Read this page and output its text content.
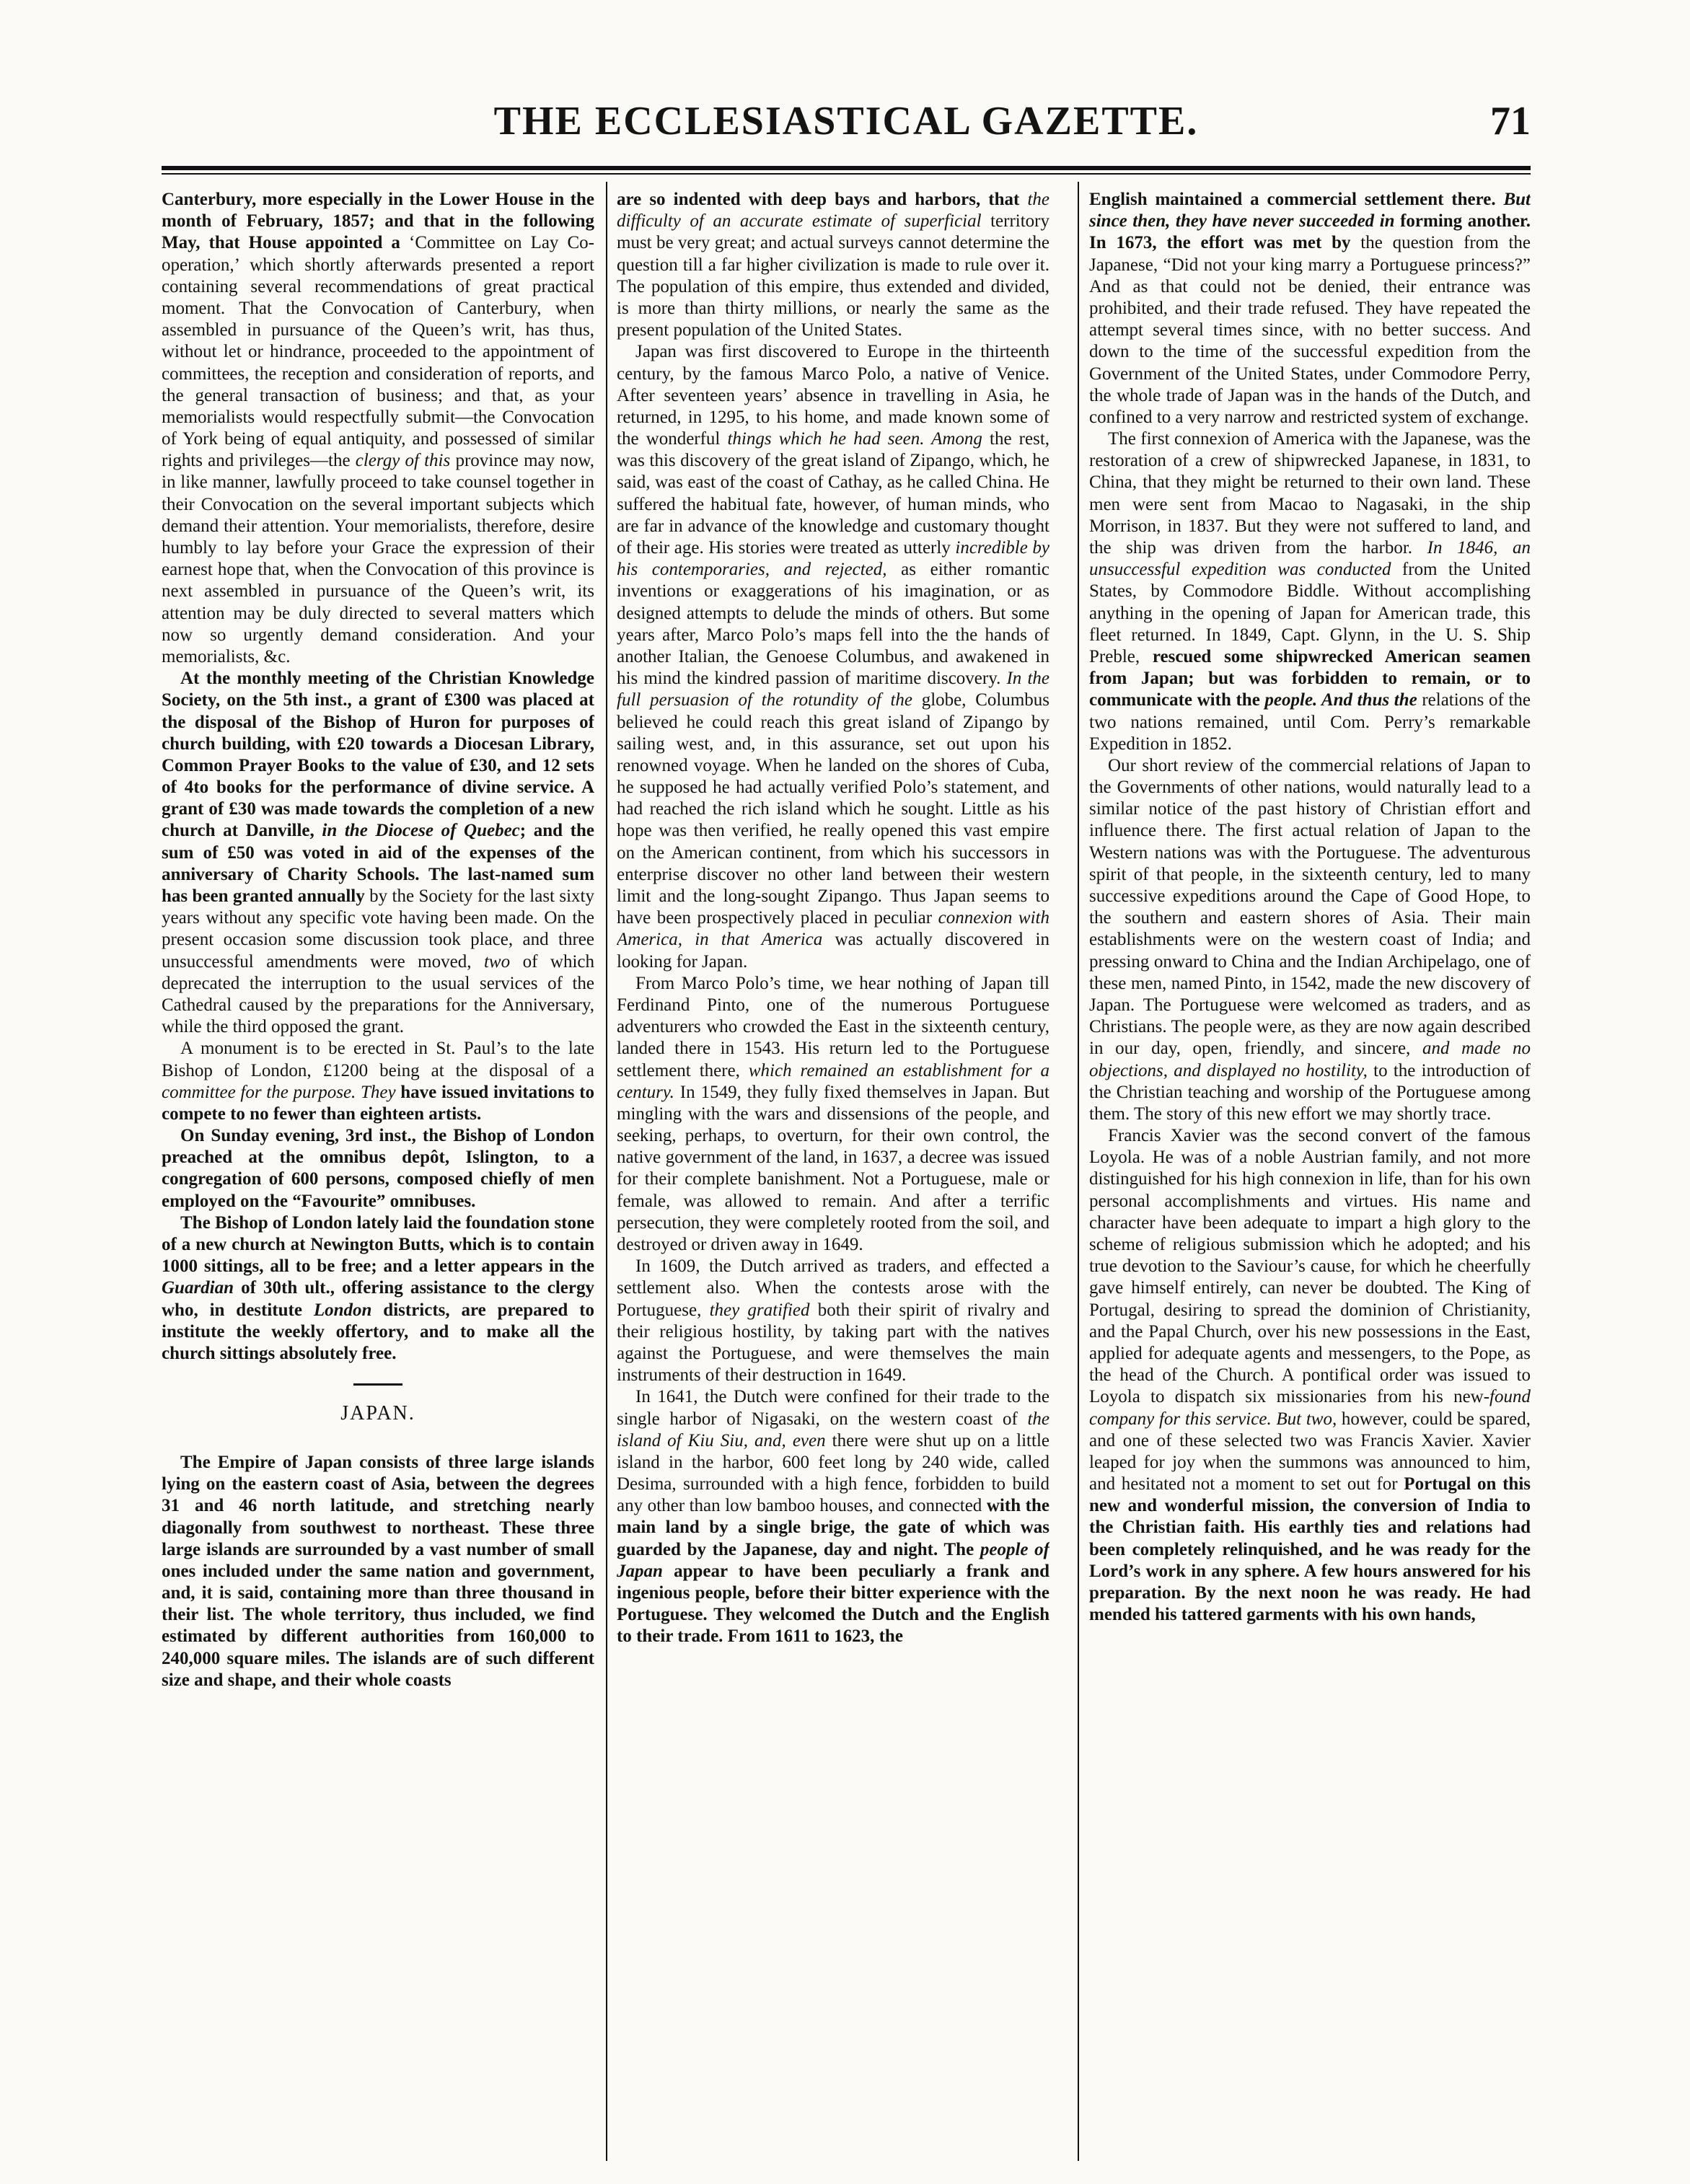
THE ECCLESIASTICAL GAZETTE.	71

Canterbury, more especially in the Lower House in the month of February, 1857; and that in the following May, that House appointed a ‘Committee on Lay Co-operation,’ which shortly afterwards presented a report containing several recommendations of great practical moment. That the Convocation of Canterbury, when assembled in pursuance of the Queen’s writ, has thus, without let or hindrance, proceeded to the appointment of committees, the reception and consideration of reports, and the general transaction of business; and that, as your memorialists would respectfully submit—the Convocation of York being of equal antiquity, and possessed of similar rights and privileges—the clergy of this province may now, in like manner, lawfully proceed to take counsel together in their Convocation on the several important subjects which demand their attention. Your memorialists, therefore, desire humbly to lay before your Grace the expression of their earnest hope that, when the Convocation of this province is next assembled in pursuance of the Queen’s writ, its attention may be duly directed to several matters which now so urgently demand consideration. And your memorialists, &c.

At the monthly meeting of the Christian Knowledge Society, on the 5th inst., a grant of £300 was placed at the disposal of the Bishop of Huron for purposes of church building, with £20 towards a Diocesan Library, Common Prayer Books to the value of £30, and 12 sets of 4to books for the performance of divine service. A grant of £30 was made towards the completion of a new church at Danville, in the Diocese of Quebec; and the sum of £50 was voted in aid of the expenses of the anniversary of Charity Schools. The last-named sum has been granted annually by the Society for the last sixty years without any specific vote having been made. On the present occasion some discussion took place, and three unsuccessful amendments were moved, two of which deprecated the interruption to the usual services of the Cathedral caused by the preparations for the Anniversary, while the third opposed the grant.

A monument is to be erected in St. Paul’s to the late Bishop of London, £1200 being at the disposal of a committee for the purpose. They have issued invitations to compete to no fewer than eighteen artists.

On Sunday evening, 3rd inst., the Bishop of London preached at the omnibus depôt, Islington, to a congregation of 600 persons, composed chiefly of men employed on the “Favourite” omnibuses.

The Bishop of London lately laid the foundation stone of a new church at Newington Butts, which is to contain 1000 sittings, all to be free; and a letter appears in the Guardian of 30th ult., offering assistance to the clergy who, in destitute London districts, are prepared to institute the weekly offertory, and to make all the church sittings absolutely free.

JAPAN.

The Empire of Japan consists of three large islands lying on the eastern coast of Asia, between the degrees 31 and 46 north latitude, and stretching nearly diagonally from southwest to northeast. These three large islands are surrounded by a vast number of small ones included under the same nation and government, and, it is said, containing more than three thousand in their list. The whole territory, thus included, we find estimated by different authorities from 160,000 to 240,000 square miles. The islands are of such different size and shape, and their whole coasts

are so indented with deep bays and harbors, that the difficulty of an accurate estimate of superficial territory must be very great; and actual surveys cannot determine the question till a far higher civilization is made to rule over it. The population of this empire, thus extended and divided, is more than thirty millions, or nearly the same as the present population of the United States.

Japan was first discovered to Europe in the thirteenth century, by the famous Marco Polo, a native of Venice. After seventeen years’ absence in travelling in Asia, he returned, in 1295, to his home, and made known some of the wonderful things which he had seen. Among the rest, was this discovery of the great island of Zipango, which, he said, was east of the coast of Cathay, as he called China. He suffered the habitual fate, however, of human minds, who are far in advance of the knowledge and customary thought of their age. His stories were treated as utterly incredible by his contemporaries, and rejected, as either romantic inventions or exaggerations of his imagination, or as designed attempts to delude the minds of others. But some years after, Marco Polo’s maps fell into the the hands of another Italian, the Genoese Columbus, and awakened in his mind the kindred passion of maritime discovery. In the full persuasion of the rotundity of the globe, Columbus believed he could reach this great island of Zipango by sailing west, and, in this assurance, set out upon his renowned voyage. When he landed on the shores of Cuba, he supposed he had actually verified Polo’s statement, and had reached the rich island which he sought. Little as his hope was then verified, he really opened this vast empire on the American continent, from which his successors in enterprise discover no other land between their western limit and the long-sought Zipango. Thus Japan seems to have been prospectively placed in peculiar connexion with America, in that America was actually discovered in looking for Japan.

From Marco Polo’s time, we hear nothing of Japan till Ferdinand Pinto, one of the numerous Portuguese adventurers who crowded the East in the sixteenth century, landed there in 1543. His return led to the Portuguese settlement there, which remained an establishment for a century. In 1549, they fully fixed themselves in Japan. But mingling with the wars and dissensions of the people, and seeking, perhaps, to overturn, for their own control, the native government of the land, in 1637, a decree was issued for their complete banishment. Not a Portuguese, male or female, was allowed to remain. And after a terrific persecution, they were completely rooted from the soil, and destroyed or driven away in 1649.

In 1609, the Dutch arrived as traders, and effected a settlement also. When the contests arose with the Portuguese, they gratified both their spirit of rivalry and their religious hostility, by taking part with the natives against the Portuguese, and were themselves the main instruments of their destruction in 1649.

In 1641, the Dutch were confined for their trade to the single harbor of Nigasaki, on the western coast of the island of Kiu Siu, and, even there were shut up on a little island in the harbor, 600 feet long by 240 wide, called Desima, surrounded with a high fence, forbidden to build any other than low bamboo houses, and connected with the main land by a single brige, the gate of which was guarded by the Japanese, day and night. The people of Japan appear to have been peculiarly a frank and ingenious people, before their bitter experience with the Portuguese. They welcomed the Dutch and the English to their trade. From 1611 to 1623, the

English maintained a commercial settlement there. But since then, they have never succeeded in forming another. In 1673, the effort was met by the question from the Japanese, “Did not your king marry a Portuguese princess?” And as that could not be denied, their entrance was prohibited, and their trade refused. They have repeated the attempt several times since, with no better success. And down to the time of the successful expedition from the Government of the United States, under Commodore Perry, the whole trade of Japan was in the hands of the Dutch, and confined to a very narrow and restricted system of exchange.

The first connexion of America with the Japanese, was the restoration of a crew of shipwrecked Japanese, in 1831, to China, that they might be returned to their own land. These men were sent from Macao to Nagasaki, in the ship Morrison, in 1837. But they were not suffered to land, and the ship was driven from the harbor. In 1846, an unsuccessful expedition was conducted from the United States, by Commodore Biddle. Without accomplishing anything in the opening of Japan for American trade, this fleet returned. In 1849, Capt. Glynn, in the U. S. Ship Preble, rescued some shipwrecked American seamen from Japan; but was forbidden to remain, or to communicate with the people. And thus the relations of the two nations remained, until Com. Perry’s remarkable Expedition in 1852.

Our short review of the commercial relations of Japan to the Governments of other nations, would naturally lead to a similar notice of the past history of Christian effort and influence there. The first actual relation of Japan to the Western nations was with the Portuguese. The adventurous spirit of that people, in the sixteenth century, led to many successive expeditions around the Cape of Good Hope, to the southern and eastern shores of Asia. Their main establishments were on the western coast of India; and pressing onward to China and the Indian Archipelago, one of these men, named Pinto, in 1542, made the new discovery of Japan. The Portuguese were welcomed as traders, and as Christians. The people were, as they are now again described in our day, open, friendly, and sincere, and made no objections, and displayed no hostility, to the introduction of the Christian teaching and worship of the Portuguese among them. The story of this new effort we may shortly trace.

Francis Xavier was the second convert of the famous Loyola. He was of a noble Austrian family, and not more distinguished for his high connexion in life, than for his own personal accomplishments and virtues. His name and character have been adequate to impart a high glory to the scheme of religious submission which he adopted; and his true devotion to the Saviour’s cause, for which he cheerfully gave himself entirely, can never be doubted. The King of Portugal, desiring to spread the dominion of Christianity, and the Papal Church, over his new possessions in the East, applied for adequate agents and messengers, to the Pope, as the head of the Church. A pontifical order was issued to Loyola to dispatch six missionaries from his new-found company for this service. But two, however, could be spared, and one of these selected two was Francis Xavier. Xavier leaped for joy when the summons was announced to him, and hesitated not a moment to set out for Portugal on this new and wonderful mission, the conversion of India to the Christian faith. His earthly ties and relations had been completely relinquished, and he was ready for the Lord’s work in any sphere. A few hours answered for his preparation. By the next noon he was ready. He had mended his tattered garments with his own hands,
